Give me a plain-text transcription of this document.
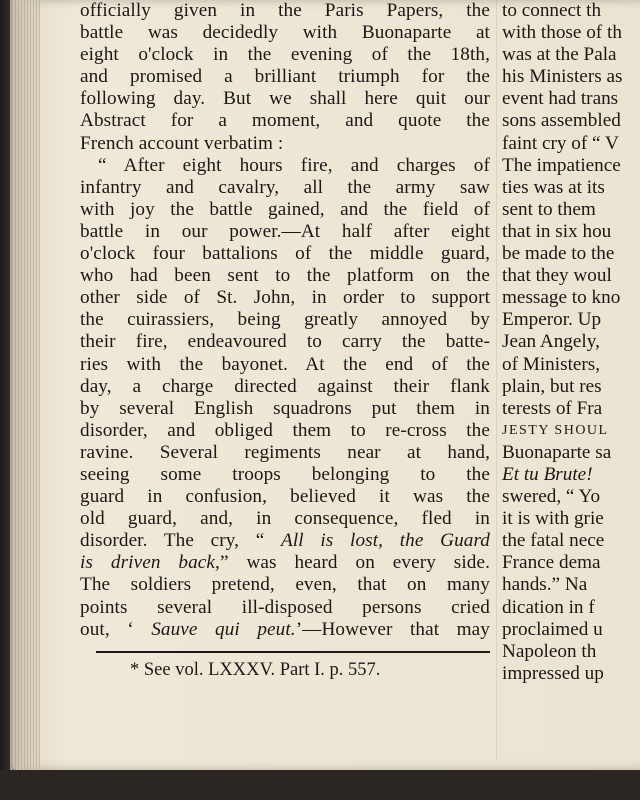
officially given in the Paris Papers, the
battle was decidedly with Buonaparte at
eight o'clock in the evening of the 18th,
and promised a brilliant triumph for the
following day. But we shall here quit our
Abstract for a moment, and quote the
French account verbatim :
“ After eight hours fire, and charges of
infantry and cavalry, all the army saw
with joy the battle gained, and the field of
battle in our power.—At half after eight
o'clock four battalions of the middle guard,
who had been sent to the platform on the
other side of St. John, in order to support
the cuirassiers, being greatly annoyed by
their fire, endeavoured to carry the batte-
ries with the bayonet. At the end of the
day, a charge directed against their flank
by several English squadrons put them in
disorder, and obliged them to re-cross the
ravine. Several regiments near at hand,
seeing some troops belonging to the
guard in confusion, believed it was the
old guard, and, in consequence, fled in
disorder. The cry, “ All is lost, the Guard
is driven back,” was heard on every side.
The soldiers pretend, even, that on many
points several ill-disposed persons cried
out, ‘ Sauve qui peut.’—However that may
* See vol. LXXXV. Part I. p. 557.
to connect th
with those of th
was at the Pala
his Ministers as
event had trans
sons assembled
faint cry of “ V
The impatience
ties was at its
sent to them
that in six hou
be made to the
that they woul
message to kno
Emperor. Up
Jean Angely,
of Ministers,
plain, but res
terests of Fra
JESTY SHOUL
Buonaparte sa
Et tu Brute!
swered, “ Yo
it is with grie
the fatal nece
France dema
hands.” Na
dication in f
proclaimed u
Napoleon th
impressed up
